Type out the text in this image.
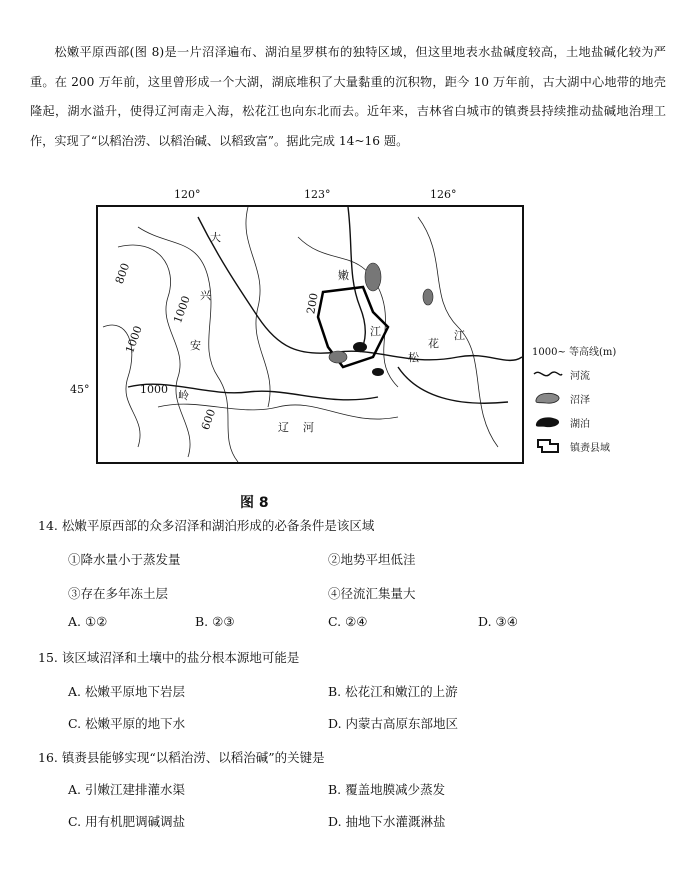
松嫩平原西部(图 8)是一片沼泽遍布、湖泊星罗棋布的独特区域，但这里地表水盐碱度较高，土地盐碱化较为严重。在 200 万年前，这里曾形成一个大湖，湖底堆积了大量黏重的沉积物，距今 10 万年前，古大湖中心地带的地壳隆起，湖水溢升，使得辽河南走入海，松花江也向东北而去。近年来，吉林省白城市的镇赉县持续推动盐碱地治理工作，实现了“以稻治涝、以稻治碱、以稻致富”。据此完成 14~16 题。

120°	123°	126°
45°
大
兴
安
岭
嫩
江
松
花
江
辽 河
800
1000
1000
1000
600
200
1000~ 等高线(m)
河流
沼泽
湖泊
镇赉县域
图 8
14. 松嫩平原西部的众多沼泽和湖泊形成的必备条件是该区域
①降水量小于蒸发量	②地势平坦低洼
③存在多年冻土层	④径流汇集量大
A. ①②	B. ②③	C. ②④	D. ③④
15. 该区域沼泽和土壤中的盐分根本源地可能是
A. 松嫩平原地下岩层	B. 松花江和嫩江的上游
C. 松嫩平原的地下水	D. 内蒙古高原东部地区
16. 镇赉县能够实现“以稻治涝、以稻治碱”的关键是
A. 引嫩江建排灌水渠	B. 覆盖地膜减少蒸发
C. 用有机肥调碱调盐	D. 抽地下水灌溉淋盐
